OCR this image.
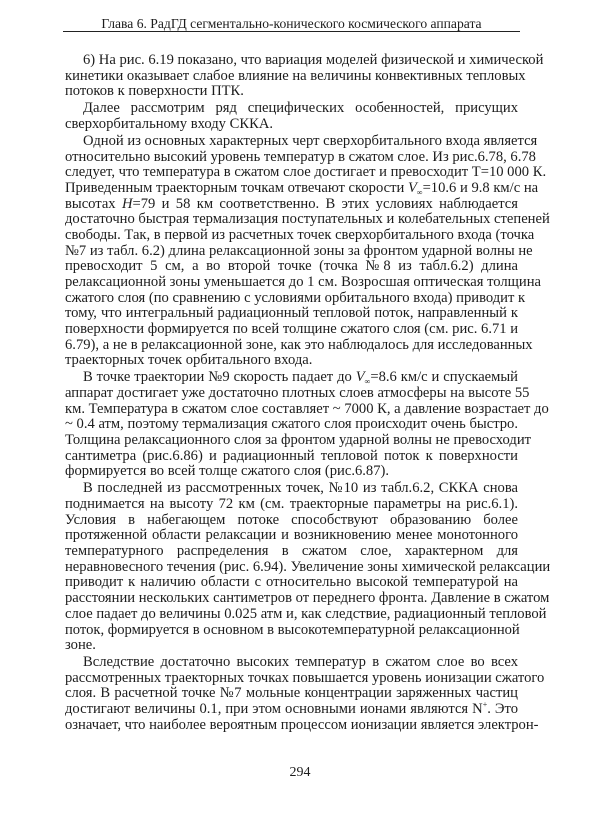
Глава 6. РадГД сегментально-конического космического аппарата
6) На рис. 6.19 показано, что вариация моделей физической и химической
кинетики оказывает слабое влияние на величины конвективных тепловых
потоков к поверхности ПТК.
Далее рассмотрим ряд специфических особенностей, присущих
сверхорбитальному входу СККА.
Одной из основных характерных черт сверхорбитального входа является
относительно высокий уровень температур в сжатом слое. Из рис.6.78, 6.78
следует, что температура в сжатом слое достигает и превосходит Т=10 000 К.
Приведенным траекторным точкам отвечают скорости $V_\infty=10.6$ и 9.8 км/с на
высотах H=79 и 58 км соответственно. В этих условиях наблюдается
достаточно быстрая термализация поступательных и колебательных степеней
свободы. Так, в первой из расчетных точек сверхорбитального входа (точка
№7 из табл. 6.2) длина релаксационной зоны за фронтом ударной волны не
превосходит 5 см, а во второй точке (точка №8 из табл.6.2) длина
релаксационной зоны уменьшается до 1 см. Возросшая оптическая толщина
сжатого слоя (по сравнению с условиями орбитального входа) приводит к
тому, что интегральный радиационный тепловой поток, направленный к
поверхности формируется по всей толщине сжатого слоя (см. рис. 6.71 и
6.79), а не в релаксационной зоне, как это наблюдалось для исследованных
траекторных точек орбитального входа.
В точке траектории №9 скорость падает до $V_\infty=8.6$ км/с и спускаемый
аппарат достигает уже достаточно плотных слоев атмосферы на высоте 55
км. Температура в сжатом слое составляет ~ 7000 К, а давление возрастает до
~ 0.4 атм, поэтому термализация сжатого слоя происходит очень быстро.
Толщина релаксационного слоя за фронтом ударной волны не превосходит
сантиметра (рис.6.86) и радиационный тепловой поток к поверхности
формируется во всей толще сжатого слоя (рис.6.87).
В последней из рассмотренных точек, №10 из табл.6.2, СККА снова
поднимается на высоту 72 км (см. траекторные параметры на рис.6.1).
Условия в набегающем потоке способствуют образованию более
протяженной области релаксации и возникновению менее монотонного
температурного распределения в сжатом слое, характерном для
неравновесного течения (рис. 6.94). Увеличение зоны химической релаксации
приводит к наличию области с относительно высокой температурой на
расстоянии нескольких сантиметров от переднего фронта. Давление в сжатом
слое падает до величины 0.025 атм и, как следствие, радиационный тепловой
поток, формируется в основном в высокотемпературной релаксационной
зоне.
Вследствие достаточно высоких температур в сжатом слое во всех
рассмотренных траекторных точках повышается уровень ионизации сжатого
слоя. В расчетной точке №7 мольные концентрации заряженных частиц
достигают величины 0.1, при этом основными ионами являются N+. Это
означает, что наиболее вероятным процессом ионизации является электрон-
294
